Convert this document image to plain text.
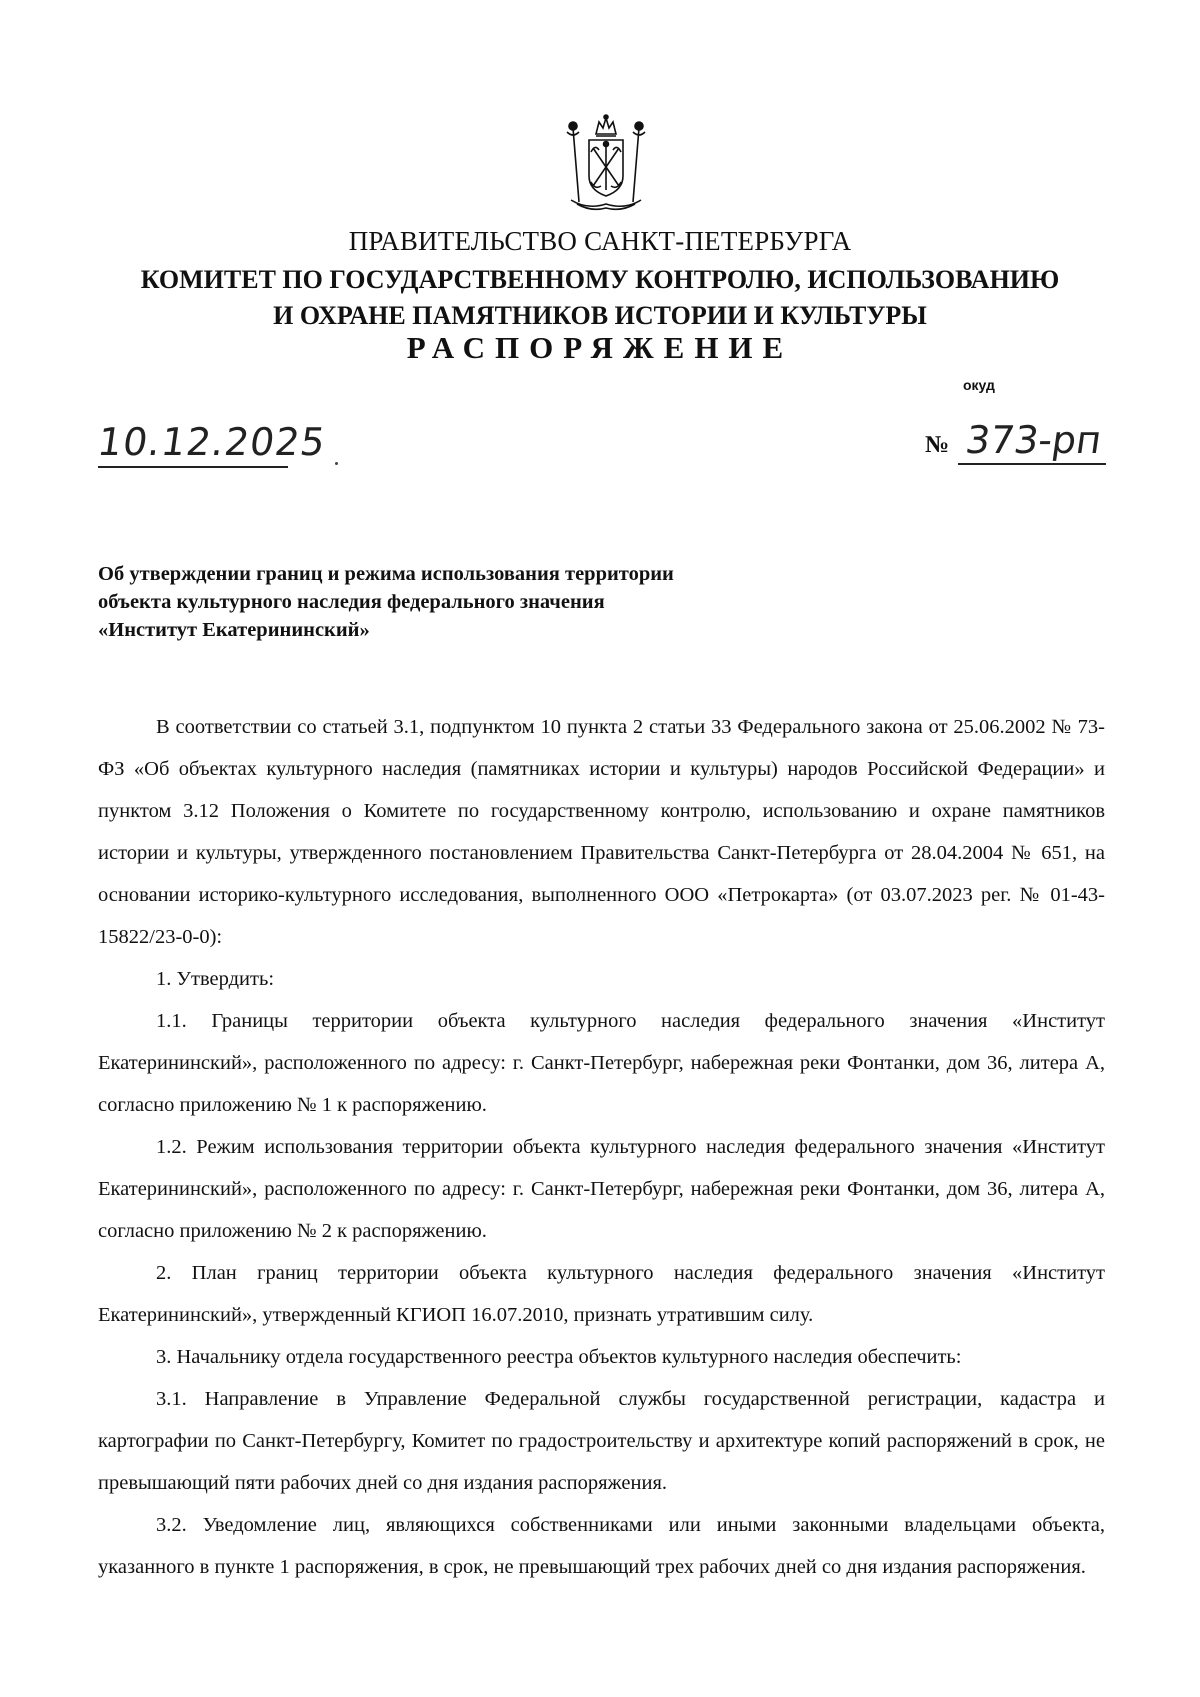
ПРАВИТЕЛЬСТВО САНКТ-ПЕТЕРБУРГА
КОМИТЕТ ПО ГОСУДАРСТВЕННОМУ КОНТРОЛЮ, ИСПОЛЬЗОВАНИЮ
И ОХРАНЕ ПАМЯТНИКОВ ИСТОРИИ И КУЛЬТУРЫ
РАСПОРЯЖЕНИЕ
окуд
10.12.2025	№ 373-рп
Об утверждении границ и режима использования территории
объекта культурного наследия федерального значения
«Институт Екатерининский»

В соответствии со статьей 3.1, подпунктом 10 пункта 2 статьи 33 Федерального закона от 25.06.2002 № 73-ФЗ «Об объектах культурного наследия (памятниках истории и культуры) народов Российской Федерации» и пунктом 3.12 Положения о Комитете по государственному контролю, использованию и охране памятников истории и культуры, утвержденного постановлением Правительства Санкт-Петербурга от 28.04.2004 № 651, на основании историко-культурного исследования, выполненного ООО «Петрокарта» (от 03.07.2023 рег. № 01-43-15822/23-0-0):

1. Утвердить:

1.1. Границы территории объекта культурного наследия федерального значения «Институт Екатерининский», расположенного по адресу: г. Санкт-Петербург, набережная реки Фонтанки, дом 36, литера А, согласно приложению № 1 к распоряжению.

1.2. Режим использования территории объекта культурного наследия федерального значения «Институт Екатерининский», расположенного по адресу: г. Санкт-Петербург, набережная реки Фонтанки, дом 36, литера А, согласно приложению № 2 к распоряжению.

2. План границ территории объекта культурного наследия федерального значения «Институт Екатерининский», утвержденный КГИОП 16.07.2010, признать утратившим силу.

3. Начальнику отдела государственного реестра объектов культурного наследия обеспечить:

3.1. Направление в Управление Федеральной службы государственной регистрации, кадастра и картографии по Санкт-Петербургу, Комитет по градостроительству и архитектуре копий распоряжений в срок, не превышающий пяти рабочих дней со дня издания распоряжения.

3.2. Уведомление лиц, являющихся собственниками или иными законными владельцами объекта, указанного в пункте 1 распоряжения, в срок, не превышающий трех рабочих дней со дня издания распоряжения.
